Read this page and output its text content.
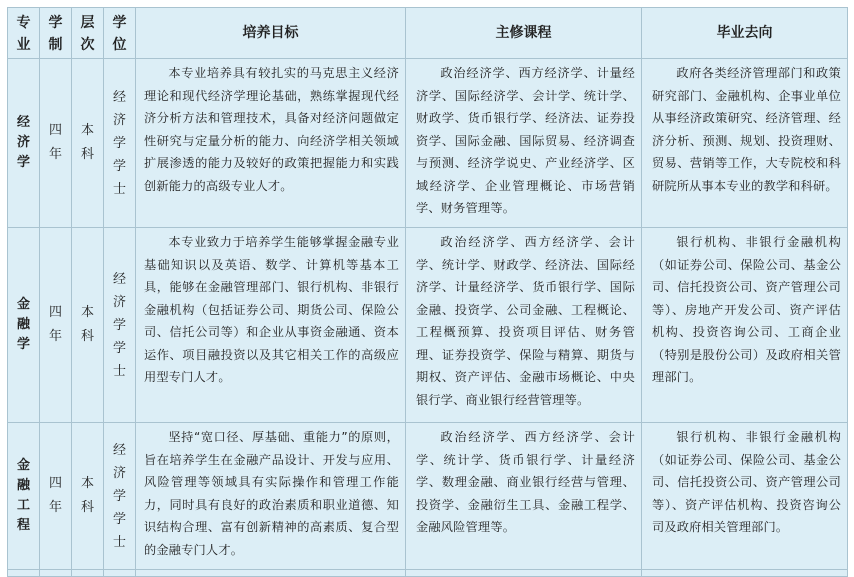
专业	学制	层次	学位	培养目标	主修课程	毕业去向
经济学	四年	本科	经济学学士	本专业培养具有较扎实的马克思主义经济理论和现代经济学理论基础，熟练掌握现代经济分析方法和管理技术，具备对经济问题做定性研究与定量分析的能力、向经济学相关领域扩展渗透的能力及较好的政策把握能力和实践创新能力的高级专业人才。	政治经济学、西方经济学、计量经济学、国际经济学、会计学、统计学、财政学、货币银行学、经济法、证券投资学、国际金融、国际贸易、经济调查与预测、经济学说史、产业经济学、区域经济学、企业管理概论、市场营销学、财务管理等。	政府各类经济管理部门和政策研究部门、金融机构、企事业单位从事经济政策研究、经济管理、经济分析、预测、规划、投资理财、贸易、营销等工作，大专院校和科研院所从事本专业的教学和科研。

金融学	四年	本科	经济学学士	本专业致力于培养学生能够掌握金融专业基础知识以及英语、数学、计算机等基本工具，能够在金融管理部门、银行机构、非银行金融机构（包括证券公司、期货公司、保险公司、信托公司等）和企业从事资金融通、资本运作、项目融投资以及其它相关工作的高级应用型专门人才。	政治经济学、西方经济学、会计学、统计学、财政学、经济法、国际经济学、计量经济学、货币银行学、国际金融、投资学、公司金融、工程概论、工程概预算、投资项目评估、财务管理、证券投资学、保险与精算、期货与期权、资产评估、金融市场概论、中央银行学、商业银行经营管理等。	银行机构、非银行金融机构（如证券公司、保险公司、基金公司、信托投资公司、资产管理公司等）、房地产开发公司、资产评估机构、投资咨询公司、工商企业（特别是股份公司）及政府相关管理部门。

金融工程	四年	本科	经济学学士	坚持“宽口径、厚基础、重能力”的原则，旨在培养学生在金融产品设计、开发与应用、风险管理等领域具有实际操作和管理工作能力，同时具有良好的政治素质和职业道德、知识结构合理、富有创新精神的高素质、复合型的金融专门人才。	政治经济学、西方经济学、会计学、统计学、货币银行学、计量经济学、数理金融、商业银行经营与管理、投资学、金融衍生工具、金融工程学、金融风险管理等。	银行机构、非银行金融机构（如证券公司、保险公司、基金公司、信托投资公司、资产管理公司等）、资产评估机构、投资咨询公司及政府相关管理部门。
